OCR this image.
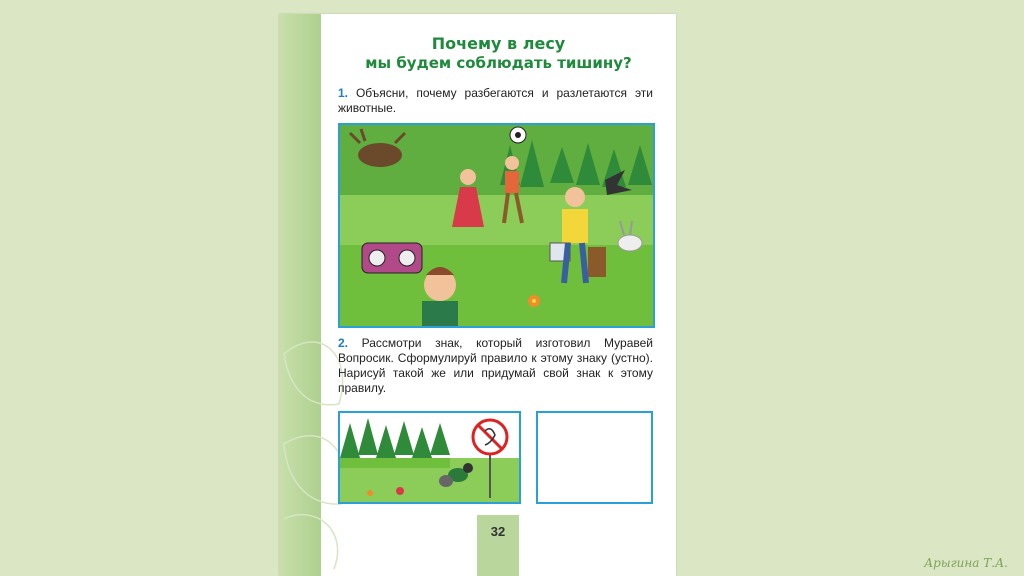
Почему в лесу
мы будем соблюдать тишину?
1. Объясни, почему разбегаются и разлетаются эти животные.
2. Рассмотри знак, который изготовил Муравей Вопросик. Сформулируй правило к этому знаку (устно). Нарисуй такой же или придумай свой знак к этому правилу.
32
Арыгина Т.А.
